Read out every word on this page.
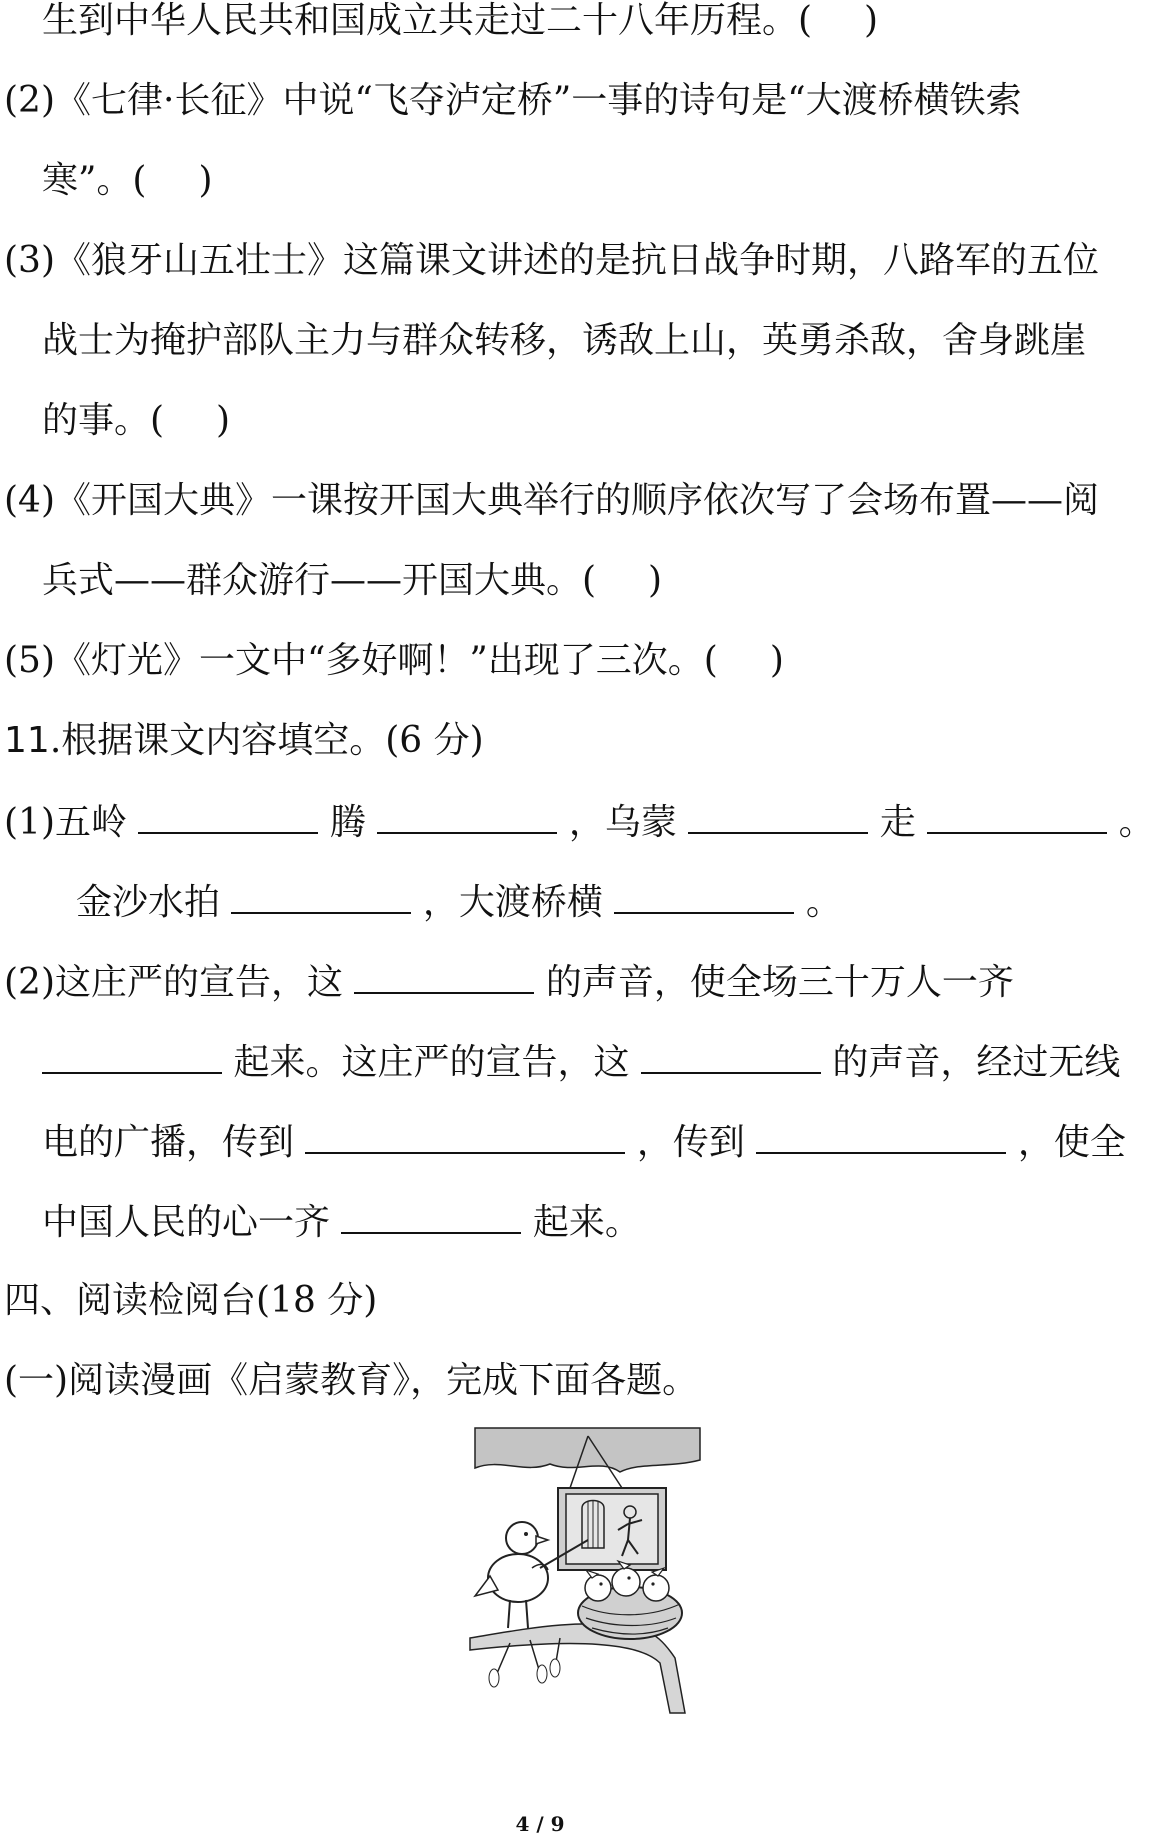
生到中华人民共和国成立共走过二十八年历程。( )
(2)《七律·长征》中说“飞夺泸定桥”一事的诗句是“大渡桥横铁索
寒”。( )
(3)《狼牙山五壮士》这篇课文讲述的是抗日战争时期，八路军的五位
战士为掩护部队主力与群众转移，诱敌上山，英勇杀敌，舍身跳崖
的事。( )
(4)《开国大典》一课按开国大典举行的顺序依次写了会场布置——阅
兵式——群众游行——开国大典。( )
(5)《灯光》一文中“多好啊！”出现了三次。( )
11.根据课文内容填空。(6 分)
(1)五岭	腾	，乌蒙	走	。
金沙水拍	，大渡桥横	。
(2)这庄严的宣告，这	的声音，使全场三十万人一齐
起来。这庄严的宣告，这	的声音，经过无线
电的广播，传到	，传到	，使全
中国人民的心一齐	起来。
四、阅读检阅台(18 分)
(一)阅读漫画《启蒙教育》，完成下面各题。
4 / 9
